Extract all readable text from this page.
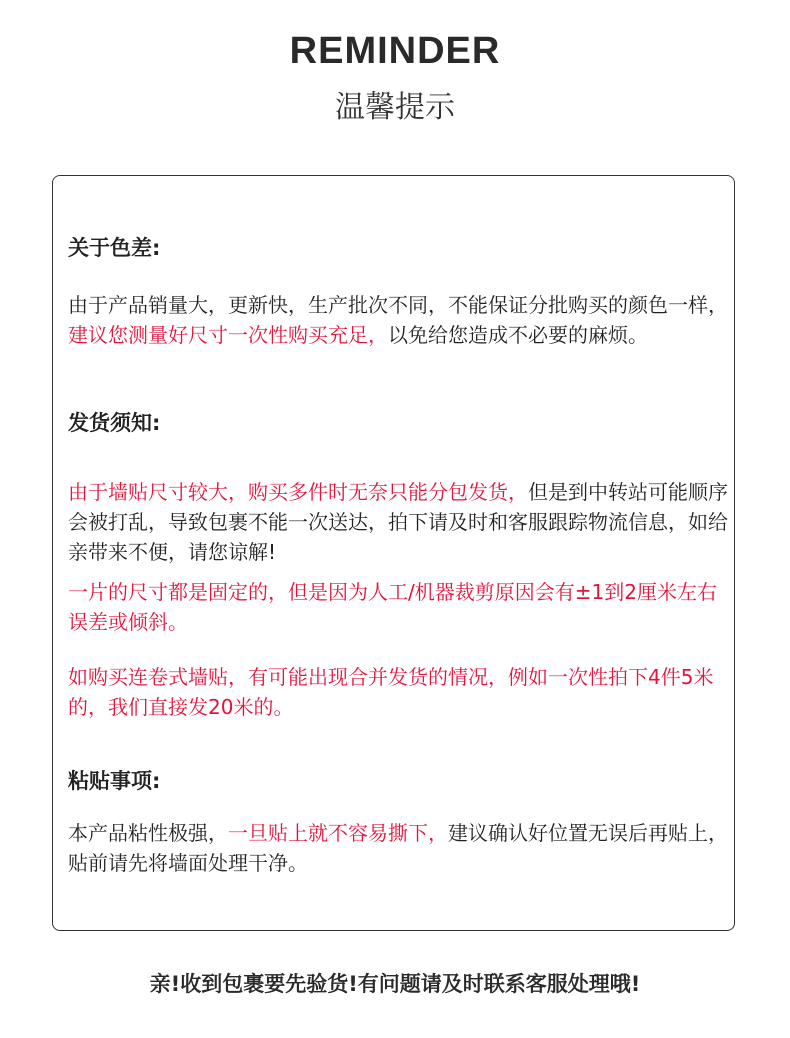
REMINDER
温馨提示
关于色差:
由于产品销量大，更新快，生产批次不同，不能保证分批购买的颜色一样，建议您测量好尺寸一次性购买充足，以免给您造成不必要的麻烦。
发货须知:
由于墙贴尺寸较大，购买多件时无奈只能分包发货，但是到中转站可能顺序会被打乱，导致包裹不能一次送达，拍下请及时和客服跟踪物流信息，如给亲带来不便，请您谅解!
一片的尺寸都是固定的，但是因为人工/机器裁剪原因会有±1到2厘米左右误差或倾斜。
如购买连卷式墙贴，有可能出现合并发货的情况，例如一次性拍下4件5米的，我们直接发20米的。
粘贴事项:
本产品粘性极强，一旦贴上就不容易撕下，建议确认好位置无误后再贴上，贴前请先将墙面处理干净。
亲!收到包裹要先验货!有问题请及时联系客服处理哦!
